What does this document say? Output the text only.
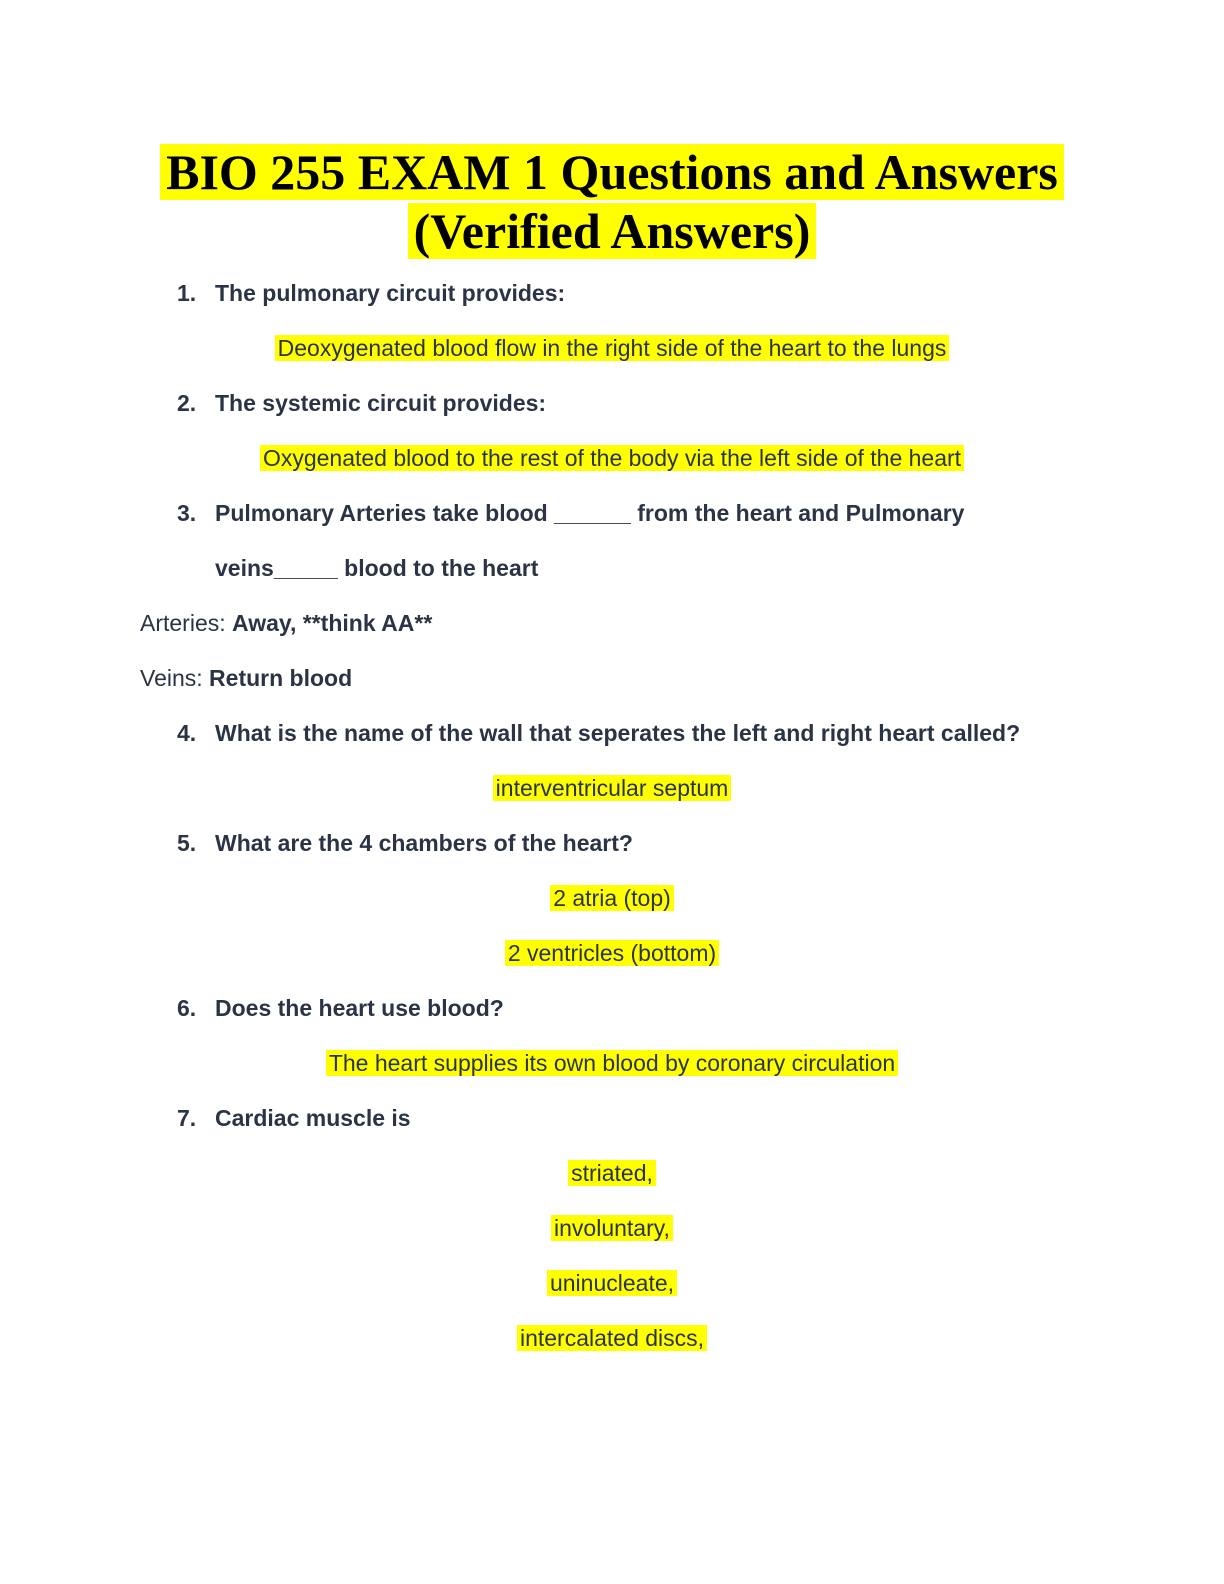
BIO 255 EXAM 1 Questions and Answers
(Verified Answers)
1. The pulmonary circuit provides:
Deoxygenated blood flow in the right side of the heart to the lungs
2. The systemic circuit provides:
Oxygenated blood to the rest of the body via the left side of the heart
3. Pulmonary Arteries take blood ______ from the heart and Pulmonary
veins_____ blood to the heart
Arteries: Away, **think AA**
Veins: Return blood
4. What is the name of the wall that seperates the left and right heart called?
interventricular septum
5. What are the 4 chambers of the heart?
2 atria (top)
2 ventricles (bottom)
6. Does the heart use blood?
The heart supplies its own blood by coronary circulation
7. Cardiac muscle is
striated,
involuntary,
uninucleate,
intercalated discs,
